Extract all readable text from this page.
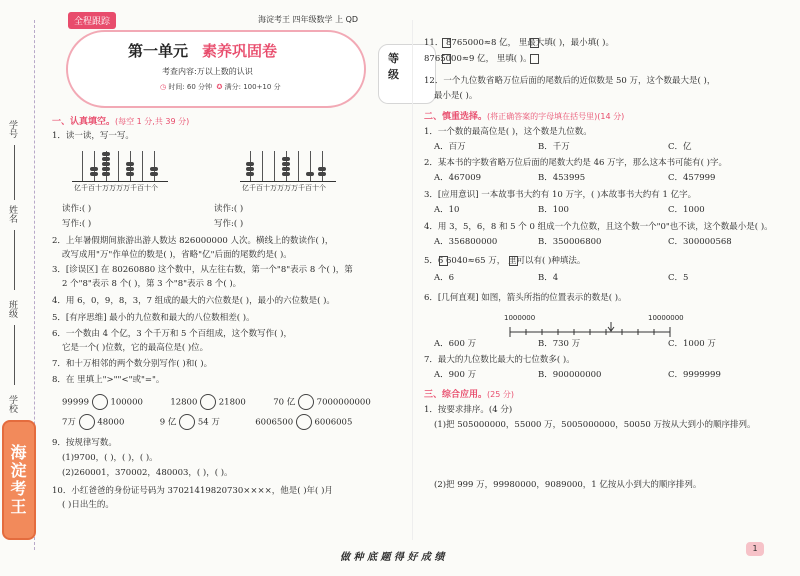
学号
姓名
班级
学校
海淀考王
全程跟踪	海淀考王 四年级数学 上 QD
第一单元 素养巩固卷
考查内容:万以上数的认识
◷ 时间: 60 分钟 ✪ 满分: 100+10 分
等级
一、认真填空。(每空 1 分,共 39 分)
1．读一读，写一写。
亿千百十万万万万千百十个	亿千百十万万万万千百十个
读作:( )	读作:( )
写作:( )	写作:( )
2．上年暑假期间旅游出游人数达 826000000 人次。横线上的数读作( )，
改写成用"万"作单位的数是( )，省略"亿"后面的尾数约是( )。
3．[诊误区] 在 80260880 这个数中，从左往右数，第一个"8"表示 8 个( )，第
2 个"8"表示 8 个( )，第 3 个"8"表示 8 个( )。
4．用 6，0，9，8，3，7 组成的最大的六位数是( )，最小的六位数是( )。
5．[有序思维] 最小的九位数和最大的八位数相差( )。
6．一个数由 4 个亿，3 个千万和 5 个百组成，这个数写作( )，
它是一个( )位数，它的最高位是( )位。
7．和十万相邻的两个数分别写作( )和( )。
8．在 里填上">""<"或"="。
99999	100000	12800	21800	70 亿	7000000000
7万	48000	9 亿	54 万	6006500	6006005
9．按规律写数。
(1)9700，( )，( )，( )。
(2)260001，370002，480003，( )，( )。
10．小红爸爸的身份证号码为 37021419820730××××，他是( )年( )月
( )日出生的。
11． 8765000≈8 亿， 里最大填( )，最小填( )。
8765000≈9 亿， 里填( )。
12．一个九位数省略万位后面的尾数后的近似数是 50 万，这个数最大是( )，
最小是( )。
二、慎重选择。(将正确答案的字母填在括号里)(14 分)
1．一个数的最高位是( )，这个数是九位数。
A．百万	B．千万	C．亿
2．某本书的字数省略万位后面的尾数大约是 46 万字，那么这本书可能有( )字。
A．467009	B．453995	C．457999
3．[应用意识] 一本故事书大约有 10 万字，( )本故事书大约有 1 亿字。
A．10	B．100	C．1000
4．用 3，5，6，8 和 5 个 0 组成一个九位数，且这个数一个"0"也不读，这个数最小是( )。
A．356800000	B．350006800	C．300000568
5．6 6040≈65 万， 里可以有( )种填法。
A．6	B．4	C．5
6．[几何直观] 如图，箭头所指的位置表示的数是( )。
1000000	10000000
A．600 万	B．730 万	C．1000 万
7．最大的九位数比最大的七位数多( )。
A．900 万	B．900000000	C．9999999
三、综合应用。(25 分)
1．按要求排序。(4 分)
(1)把 505000000，55000 万，5005000000，50050 万按从大到小的顺序排列。
(2)把 999 万，99980000，9089000，1 亿按从小到大的顺序排列。
做 种 底 题 得 好 成 绩
1
